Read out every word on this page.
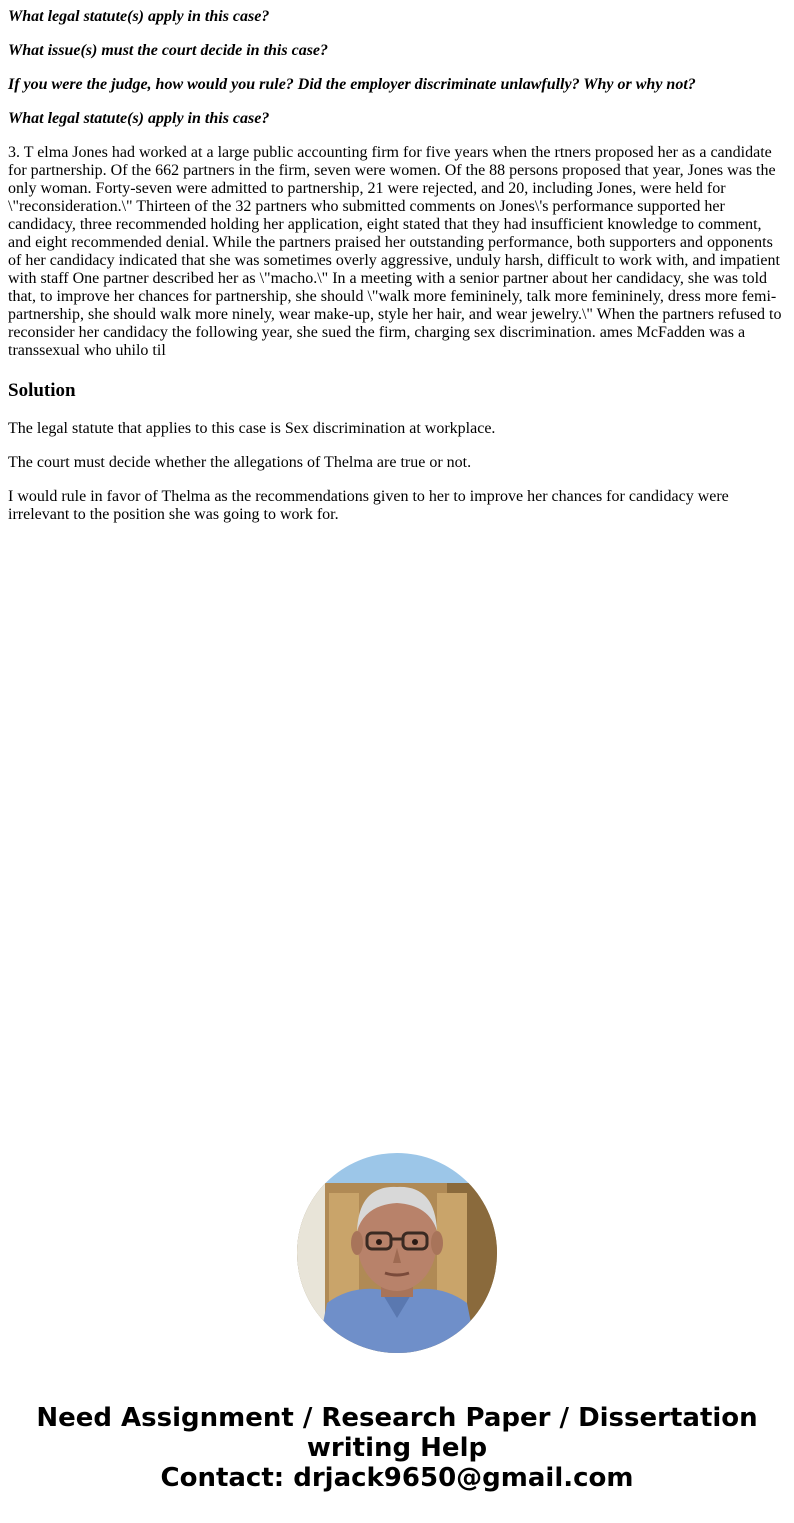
What legal statute(s) apply in this case?

What issue(s) must the court decide in this case?

If you were the judge, how would you rule? Did the employer discriminate unlawfully? Why or why not?

What legal statute(s) apply in this case?

3. T elma Jones had worked at a large public accounting firm for five years when the rtners proposed her as a candidate for partnership. Of the 662 partners in the firm, seven were women. Of the 88 persons proposed that year, Jones was the only woman. Forty-seven were admitted to partnership, 21 were rejected, and 20, including Jones, were held for \"reconsideration.\" Thirteen of the 32 partners who submitted comments on Jones\'s performance supported her candidacy, three recommended holding her application, eight stated that they had insufficient knowledge to comment, and eight recommended denial. While the partners praised her outstanding performance, both supporters and opponents of her candidacy indicated that she was sometimes overly aggressive, unduly harsh, difficult to work with, and impatient with staff One partner described her as \"macho.\" In a meeting with a senior partner about her candidacy, she was told that, to improve her chances for partnership, she should \"walk more femininely, talk more femininely, dress more femi- partnership, she should walk more ninely, wear make-up, style her hair, and wear jewelry.\" When the partners refused to reconsider her candidacy the following year, she sued the firm, charging sex discrimination. ames McFadden was a transsexual who uhilo til

Solution

The legal statute that applies to this case is Sex discrimination at workplace.

The court must decide whether the allegations of Thelma are true or not.

I would rule in favor of Thelma as the recommendations given to her to improve her chances for candidacy were irrelevant to the position she was going to work for.

Need Assignment / Research Paper / Dissertation
writing Help
Contact: drjack9650@gmail.com
